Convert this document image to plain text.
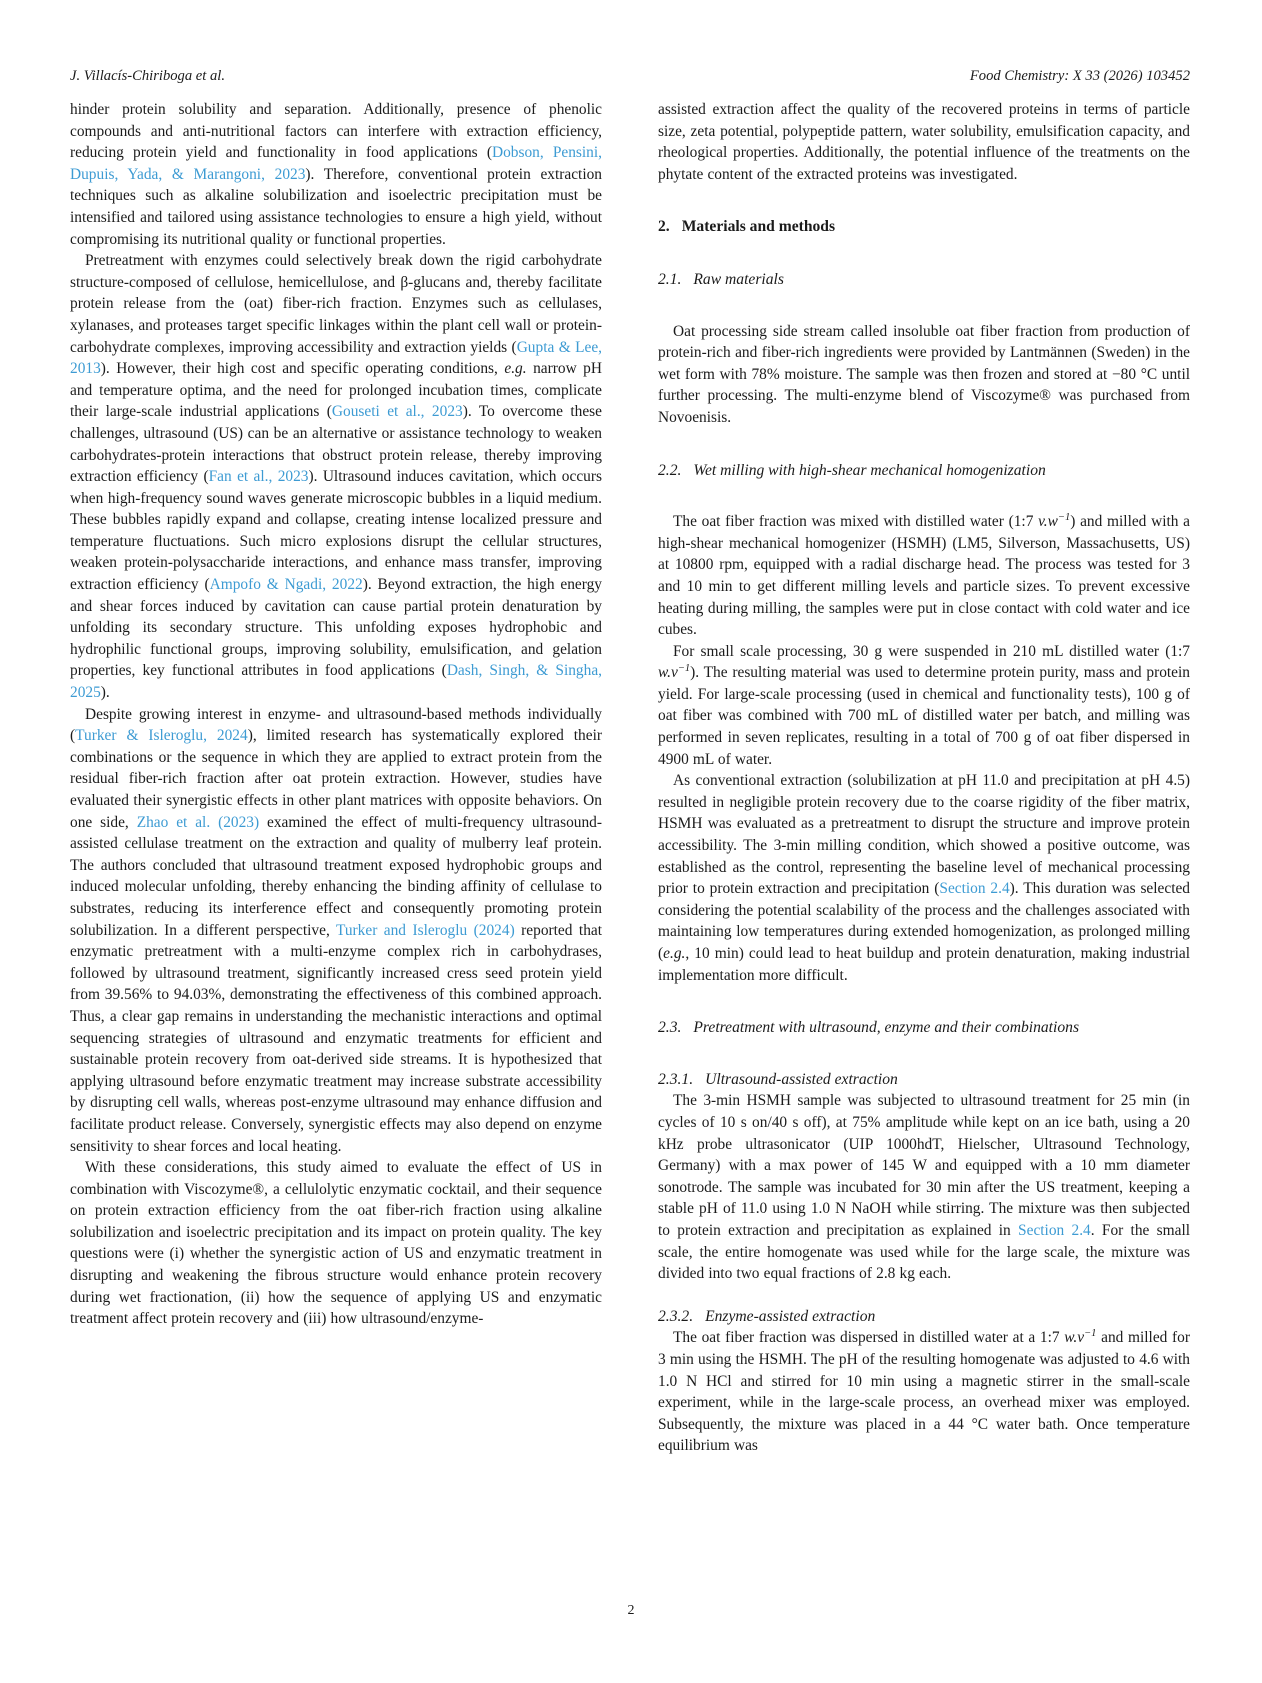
J. Villacís-Chiriboga et al.	Food Chemistry: X 33 (2026) 103452

hinder protein solubility and separation. Additionally, presence of phenolic compounds and anti-nutritional factors can interfere with extraction efficiency, reducing protein yield and functionality in food applications (Dobson, Pensini, Dupuis, Yada, & Marangoni, 2023). Therefore, conventional protein extraction techniques such as alkaline solubilization and isoelectric precipitation must be intensified and tailored using assistance technologies to ensure a high yield, without compromising its nutritional quality or functional properties.

Pretreatment with enzymes could selectively break down the rigid carbohydrate structure-composed of cellulose, hemicellulose, and β-glucans and, thereby facilitate protein release from the (oat) fiber-rich fraction. Enzymes such as cellulases, xylanases, and proteases target specific linkages within the plant cell wall or protein-carbohydrate complexes, improving accessibility and extraction yields (Gupta & Lee, 2013). However, their high cost and specific operating conditions, e.g. narrow pH and temperature optima, and the need for prolonged incubation times, complicate their large-scale industrial applications (Gouseti et al., 2023). To overcome these challenges, ultrasound (US) can be an alternative or assistance technology to weaken carbohydrates-protein interactions that obstruct protein release, thereby improving extraction efficiency (Fan et al., 2023). Ultrasound induces cavitation, which occurs when high-frequency sound waves generate microscopic bubbles in a liquid medium. These bubbles rapidly expand and collapse, creating intense localized pressure and temperature fluctuations. Such micro explosions disrupt the cellular structures, weaken protein-polysaccharide interactions, and enhance mass transfer, improving extraction efficiency (Ampofo & Ngadi, 2022). Beyond extraction, the high energy and shear forces induced by cavitation can cause partial protein denaturation by unfolding its secondary structure. This unfolding exposes hydrophobic and hydrophilic functional groups, improving solubility, emulsification, and gelation properties, key functional attributes in food applications (Dash, Singh, & Singha, 2025).

Despite growing interest in enzyme- and ultrasound-based methods individually (Turker & Isleroglu, 2024), limited research has systematically explored their combinations or the sequence in which they are applied to extract protein from the residual fiber-rich fraction after oat protein extraction. However, studies have evaluated their synergistic effects in other plant matrices with opposite behaviors. On one side, Zhao et al. (2023) examined the effect of multi-frequency ultrasound-assisted cellulase treatment on the extraction and quality of mulberry leaf protein. The authors concluded that ultrasound treatment exposed hydrophobic groups and induced molecular unfolding, thereby enhancing the binding affinity of cellulase to substrates, reducing its interference effect and consequently promoting protein solubilization. In a different perspective, Turker and Isleroglu (2024) reported that enzymatic pretreatment with a multi-enzyme complex rich in carbohydrases, followed by ultrasound treatment, significantly increased cress seed protein yield from 39.56% to 94.03%, demonstrating the effectiveness of this combined approach. Thus, a clear gap remains in understanding the mechanistic interactions and optimal sequencing strategies of ultrasound and enzymatic treatments for efficient and sustainable protein recovery from oat-derived side streams. It is hypothesized that applying ultrasound before enzymatic treatment may increase substrate accessibility by disrupting cell walls, whereas post-enzyme ultrasound may enhance diffusion and facilitate product release. Conversely, synergistic effects may also depend on enzyme sensitivity to shear forces and local heating.

With these considerations, this study aimed to evaluate the effect of US in combination with Viscozyme®, a cellulolytic enzymatic cocktail, and their sequence on protein extraction efficiency from the oat fiber-rich fraction using alkaline solubilization and isoelectric precipitation and its impact on protein quality. The key questions were (i) whether the synergistic action of US and enzymatic treatment in disrupting and weakening the fibrous structure would enhance protein recovery during wet fractionation, (ii) how the sequence of applying US and enzymatic treatment affect protein recovery and (iii) how ultrasound/enzyme-

assisted extraction affect the quality of the recovered proteins in terms of particle size, zeta potential, polypeptide pattern, water solubility, emulsification capacity, and rheological properties. Additionally, the potential influence of the treatments on the phytate content of the extracted proteins was investigated.

2. Materials and methods
2.1. Raw materials

Oat processing side stream called insoluble oat fiber fraction from production of protein-rich and fiber-rich ingredients were provided by Lantmännen (Sweden) in the wet form with 78% moisture. The sample was then frozen and stored at −80 °C until further processing. The multi-enzyme blend of Viscozyme® was purchased from Novoenisis.

2.2. Wet milling with high-shear mechanical homogenization

The oat fiber fraction was mixed with distilled water (1:7 $v.w^{-1}$) and milled with a high-shear mechanical homogenizer (HSMH) (LM5, Silverson, Massachusetts, US) at 10800 rpm, equipped with a radial discharge head. The process was tested for 3 and 10 min to get different milling levels and particle sizes. To prevent excessive heating during milling, the samples were put in close contact with cold water and ice cubes.

For small scale processing, 30 g were suspended in 210 mL distilled water (1:7 $w.v^{-1}$). The resulting material was used to determine protein purity, mass and protein yield. For large-scale processing (used in chemical and functionality tests), 100 g of oat fiber was combined with 700 mL of distilled water per batch, and milling was performed in seven replicates, resulting in a total of 700 g of oat fiber dispersed in 4900 mL of water.

As conventional extraction (solubilization at pH 11.0 and precipitation at pH 4.5) resulted in negligible protein recovery due to the coarse rigidity of the fiber matrix, HSMH was evaluated as a pretreatment to disrupt the structure and improve protein accessibility. The 3-min milling condition, which showed a positive outcome, was established as the control, representing the baseline level of mechanical processing prior to protein extraction and precipitation (Section 2.4). This duration was selected considering the potential scalability of the process and the challenges associated with maintaining low temperatures during extended homogenization, as prolonged milling (e.g., 10 min) could lead to heat buildup and protein denaturation, making industrial implementation more difficult.

2.3. Pretreatment with ultrasound, enzyme and their combinations
2.3.1. Ultrasound-assisted extraction

The 3-min HSMH sample was subjected to ultrasound treatment for 25 min (in cycles of 10 s on/40 s off), at 75% amplitude while kept on an ice bath, using a 20 kHz probe ultrasonicator (UIP 1000hdT, Hielscher, Ultrasound Technology, Germany) with a max power of 145 W and equipped with a 10 mm diameter sonotrode. The sample was incubated for 30 min after the US treatment, keeping a stable pH of 11.0 using 1.0 N NaOH while stirring. The mixture was then subjected to protein extraction and precipitation as explained in Section 2.4. For the small scale, the entire homogenate was used while for the large scale, the mixture was divided into two equal fractions of 2.8 kg each.

2.3.2. Enzyme-assisted extraction

The oat fiber fraction was dispersed in distilled water at a 1:7 $w.v^{-1}$ and milled for 3 min using the HSMH. The pH of the resulting homogenate was adjusted to 4.6 with 1.0 N HCl and stirred for 10 min using a magnetic stirrer in the small-scale experiment, while in the large-scale process, an overhead mixer was employed. Subsequently, the mixture was placed in a 44 °C water bath. Once temperature equilibrium was

2
